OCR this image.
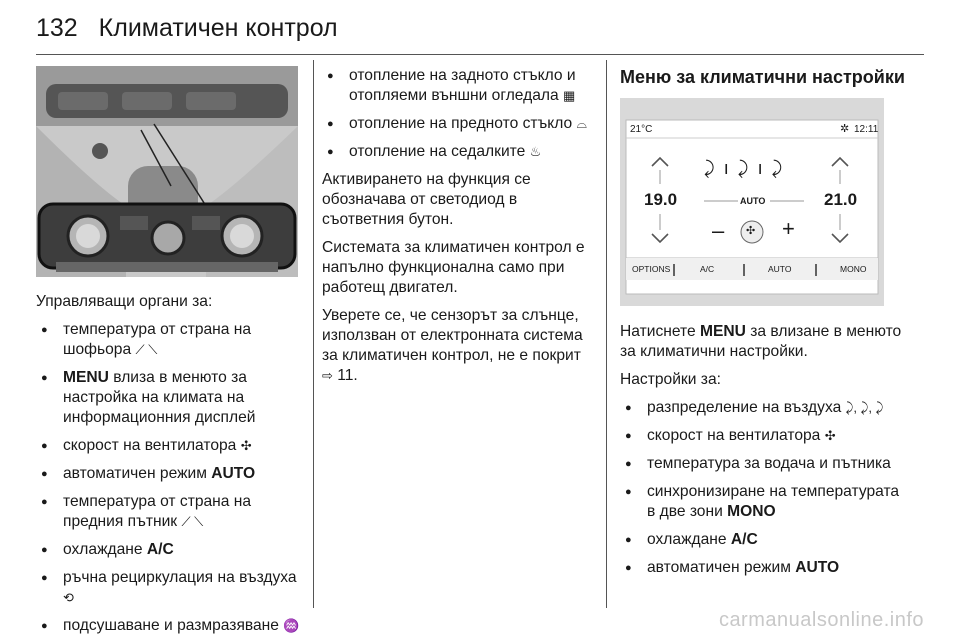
132 Климатичен контрол

Управляващи органи за:

● температура от страна на шофьора ⟋ ⟍
● MENU влиза в менюто за настройка на климата на информационния дисплей
● скорост на вентилатора ✣
● автоматичен режим AUTO
● температура от страна на предния пътник ⟋ ⟍
● охлаждане A/C
● ръчна рециркулация на въздуха ⟲
● подсушаване и размразяване ♒
● отопление на задното стъкло и отопляеми външни огледала ▦
● отопление на предното стъкло ⌓
● отопление на седалките ♨

Активирането на функция се обозначава от светодиод в съответния бутон.

Системата за климатичен контрол е напълно функционална само при работещ двигател.

Уверете се, че сензорът за слънце, използван от електронната система за климатичен контрол, не е покрит ⇨ 11.

Меню за климатични настройки
21°C	✲ 12:11
⤸ ı ⤸ ı ⤸
19.0	21.0
AUTO
– ✣ +
OPTIONS	A/C	AUTO	MONO

Натиснете MENU за влизане в менюто за климатични настройки.

Настройки за:

● разпределение на въздуха ⤸, ⤸, ⤸
● скорост на вентилатора ✣
● температура за водача и пътника
● синхронизиране на температурата в две зони MONO
● охлаждане A/C
● автоматичен режим AUTO
carmanualsonline.info
